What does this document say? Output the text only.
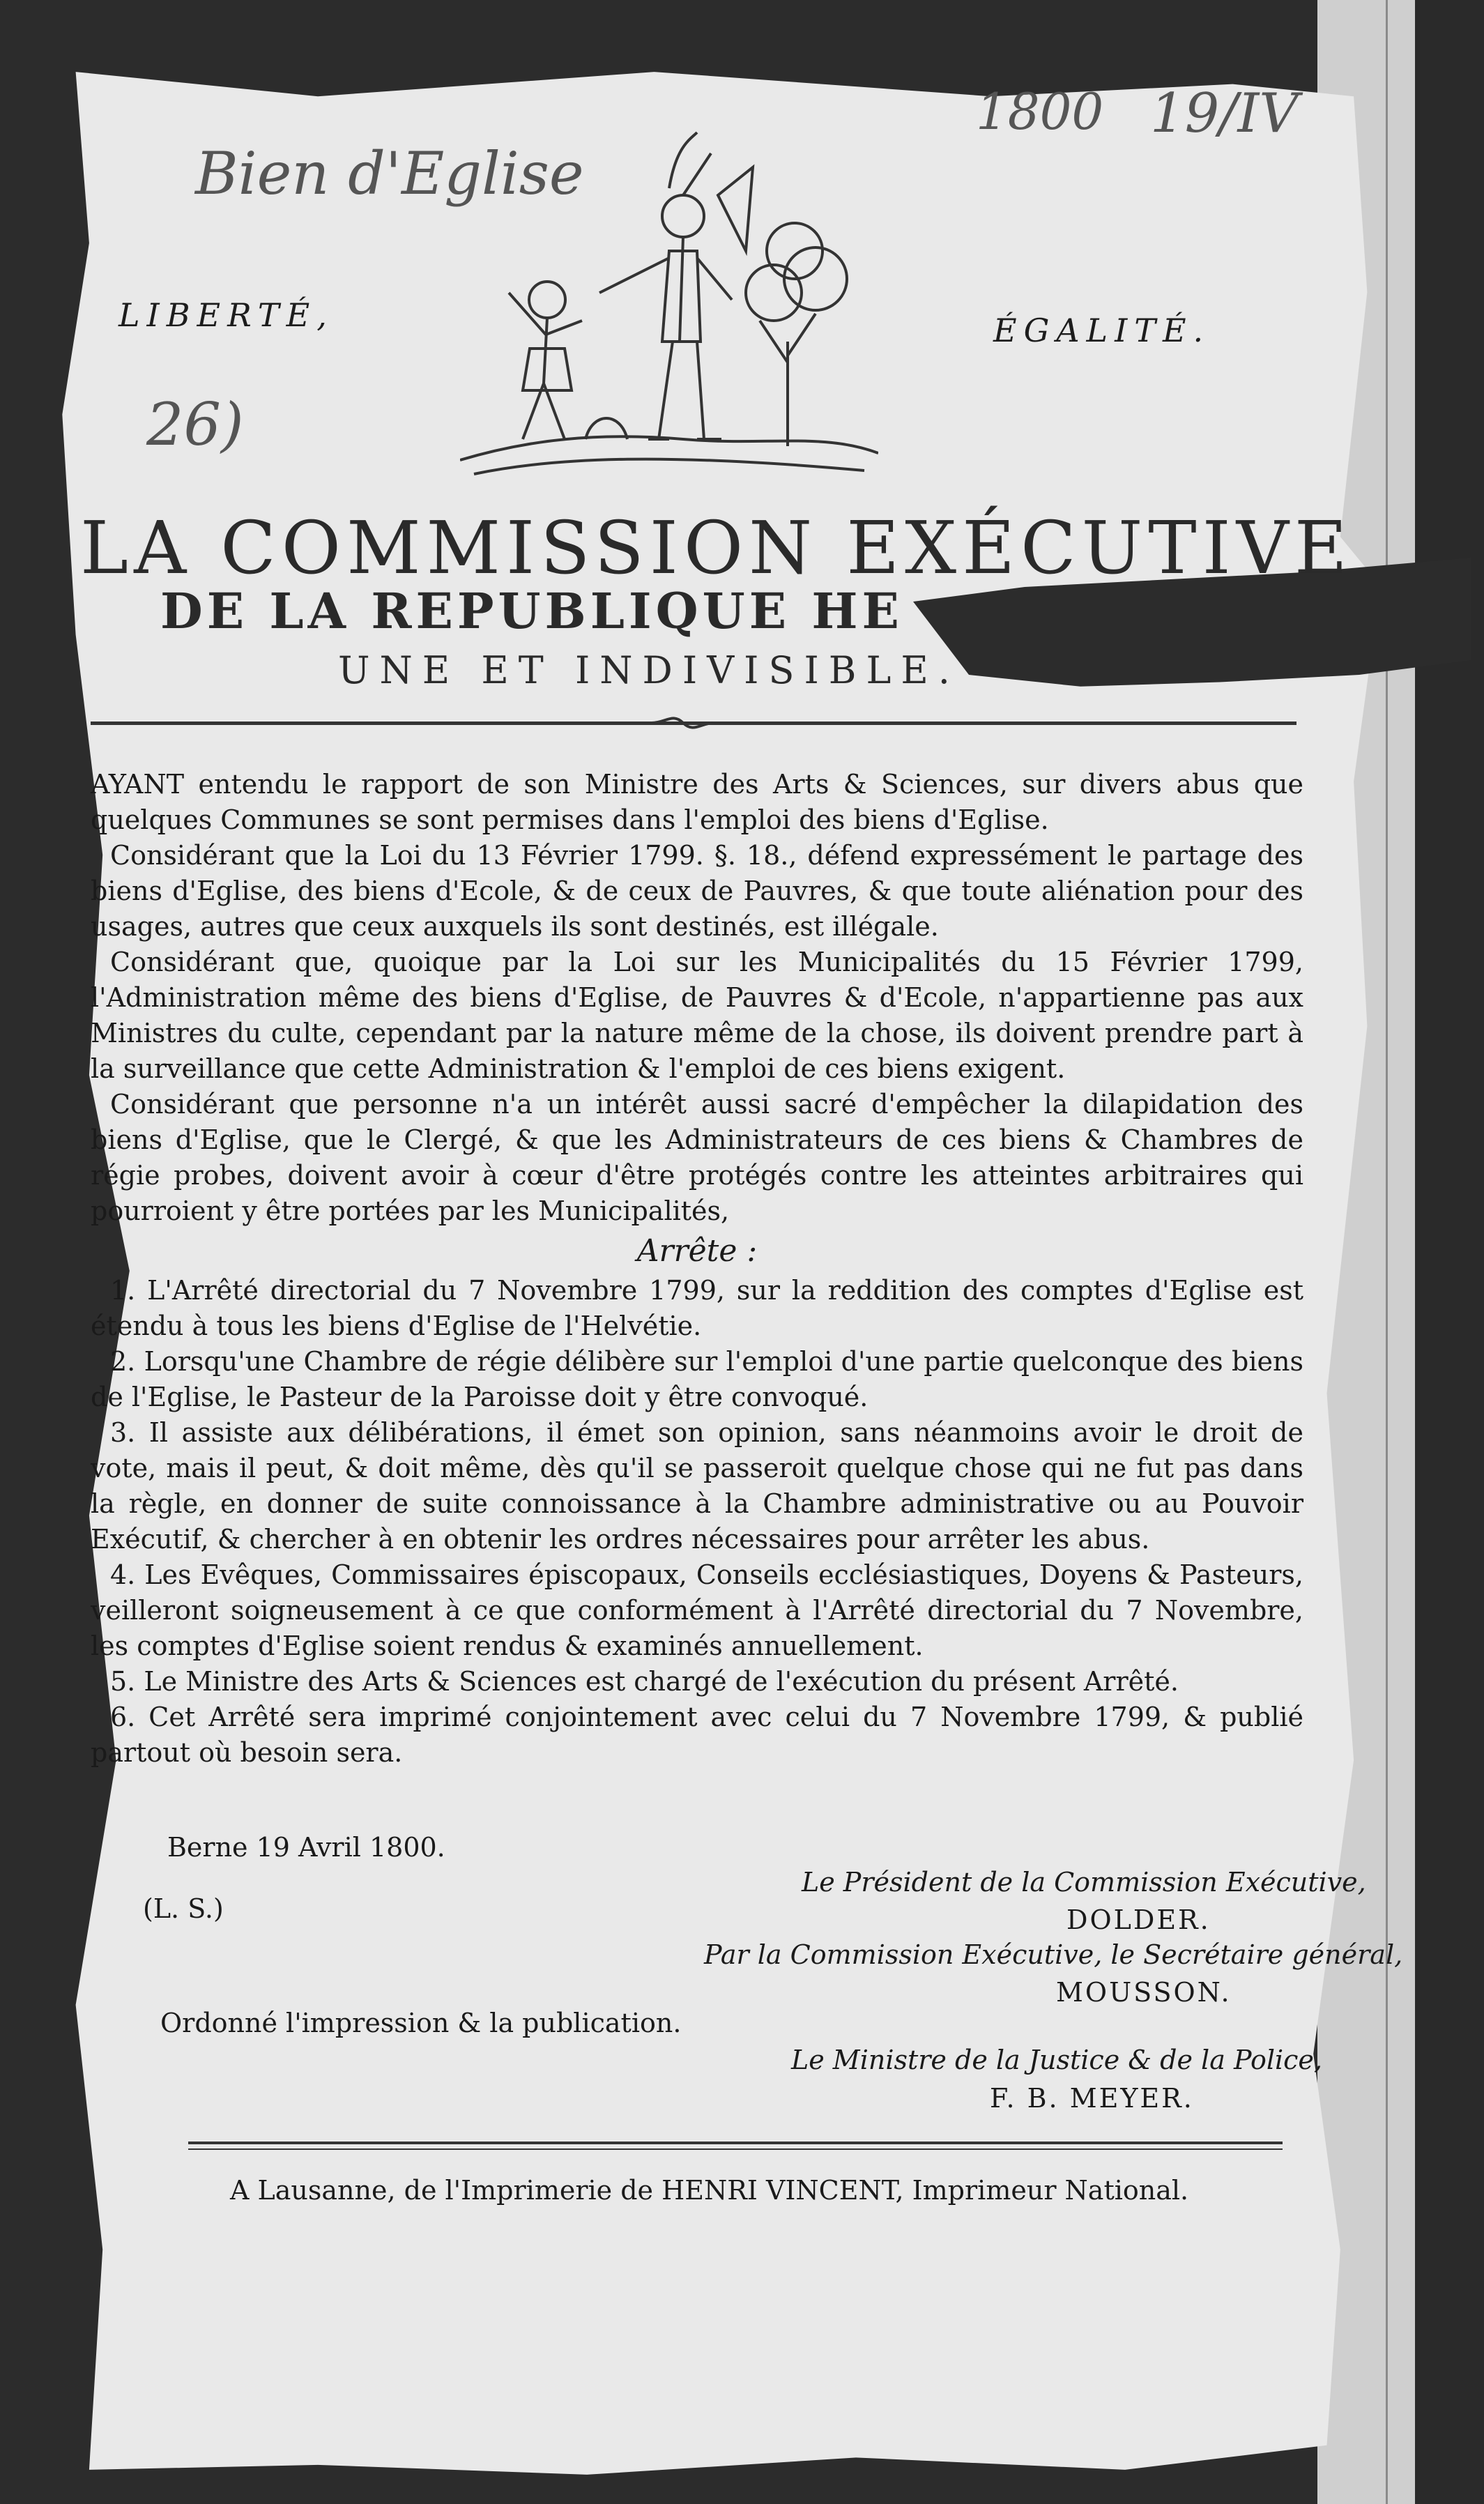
Bien d'Eglise
1800 19/IV
26)
LIBERTÉ,	ÉGALITÉ.
LA COMMISSION EXÉCUTIVE
DE LA REPUBLIQUE HE
UNE ET INDIVISIBLE.

AYANT entendu le rapport de son Ministre des Arts & Sciences, sur divers abus que quelques Communes se sont permises dans l'emploi des biens d'Eglise.

Considérant que la Loi du 13 Février 1799. §. 18., défend expressément le partage des biens d'Eglise, des biens d'Ecole, & de ceux de Pauvres, & que toute aliénation pour des usages, autres que ceux auxquels ils sont destinés, est illégale.

Considérant que, quoique par la Loi sur les Municipalités du 15 Février 1799, l'Administration même des biens d'Eglise, de Pauvres & d'Ecole, n'appartienne pas aux Ministres du culte, cependant par la nature même de la chose, ils doivent prendre part à la surveillance que cette Administration & l'emploi de ces biens exigent.

Considérant que personne n'a un intérêt aussi sacré d'empêcher la dilapidation des biens d'Eglise, que le Clergé, & que les Administrateurs de ces biens & Chambres de régie probes, doivent avoir à cœur d'être protégés contre les atteintes arbitraires qui pourroient y être portées par les Municipalités,

Arrête :

1. L'Arrêté directorial du 7 Novembre 1799, sur la reddition des comptes d'Eglise est étendu à tous les biens d'Eglise de l'Helvétie.

2. Lorsqu'une Chambre de régie délibère sur l'emploi d'une partie quelconque des biens de l'Eglise, le Pasteur de la Paroisse doit y être convoqué.

3. Il assiste aux délibérations, il émet son opinion, sans néanmoins avoir le droit de vote, mais il peut, & doit même, dès qu'il se passeroit quelque chose qui ne fut pas dans la règle, en donner de suite connoissance à la Chambre administrative ou au Pouvoir Exécutif, & chercher à en obtenir les ordres nécessaires pour arrêter les abus.

4. Les Evêques, Commissaires épiscopaux, Conseils ecclésiastiques, Doyens & Pasteurs, veilleront soigneusement à ce que conformément à l'Arrêté directorial du 7 Novembre, les comptes d'Eglise soient rendus & examinés annuellement.

5. Le Ministre des Arts & Sciences est chargé de l'exécution du présent Arrêté.

6. Cet Arrêté sera imprimé conjointement avec celui du 7 Novembre 1799, & publié partout où besoin sera.

Berne 19 Avril 1800.
Le Président de la Commission Exécutive,
DOLDER.
(L. S.)
Par la Commission Exécutive, le Secrétaire général,
MOUSSON.
Ordonné l'impression & la publication.
Le Ministre de la Justice & de la Police,
F. B. MEYER.
A Lausanne, de l'Imprimerie de HENRI VINCENT, Imprimeur National.
